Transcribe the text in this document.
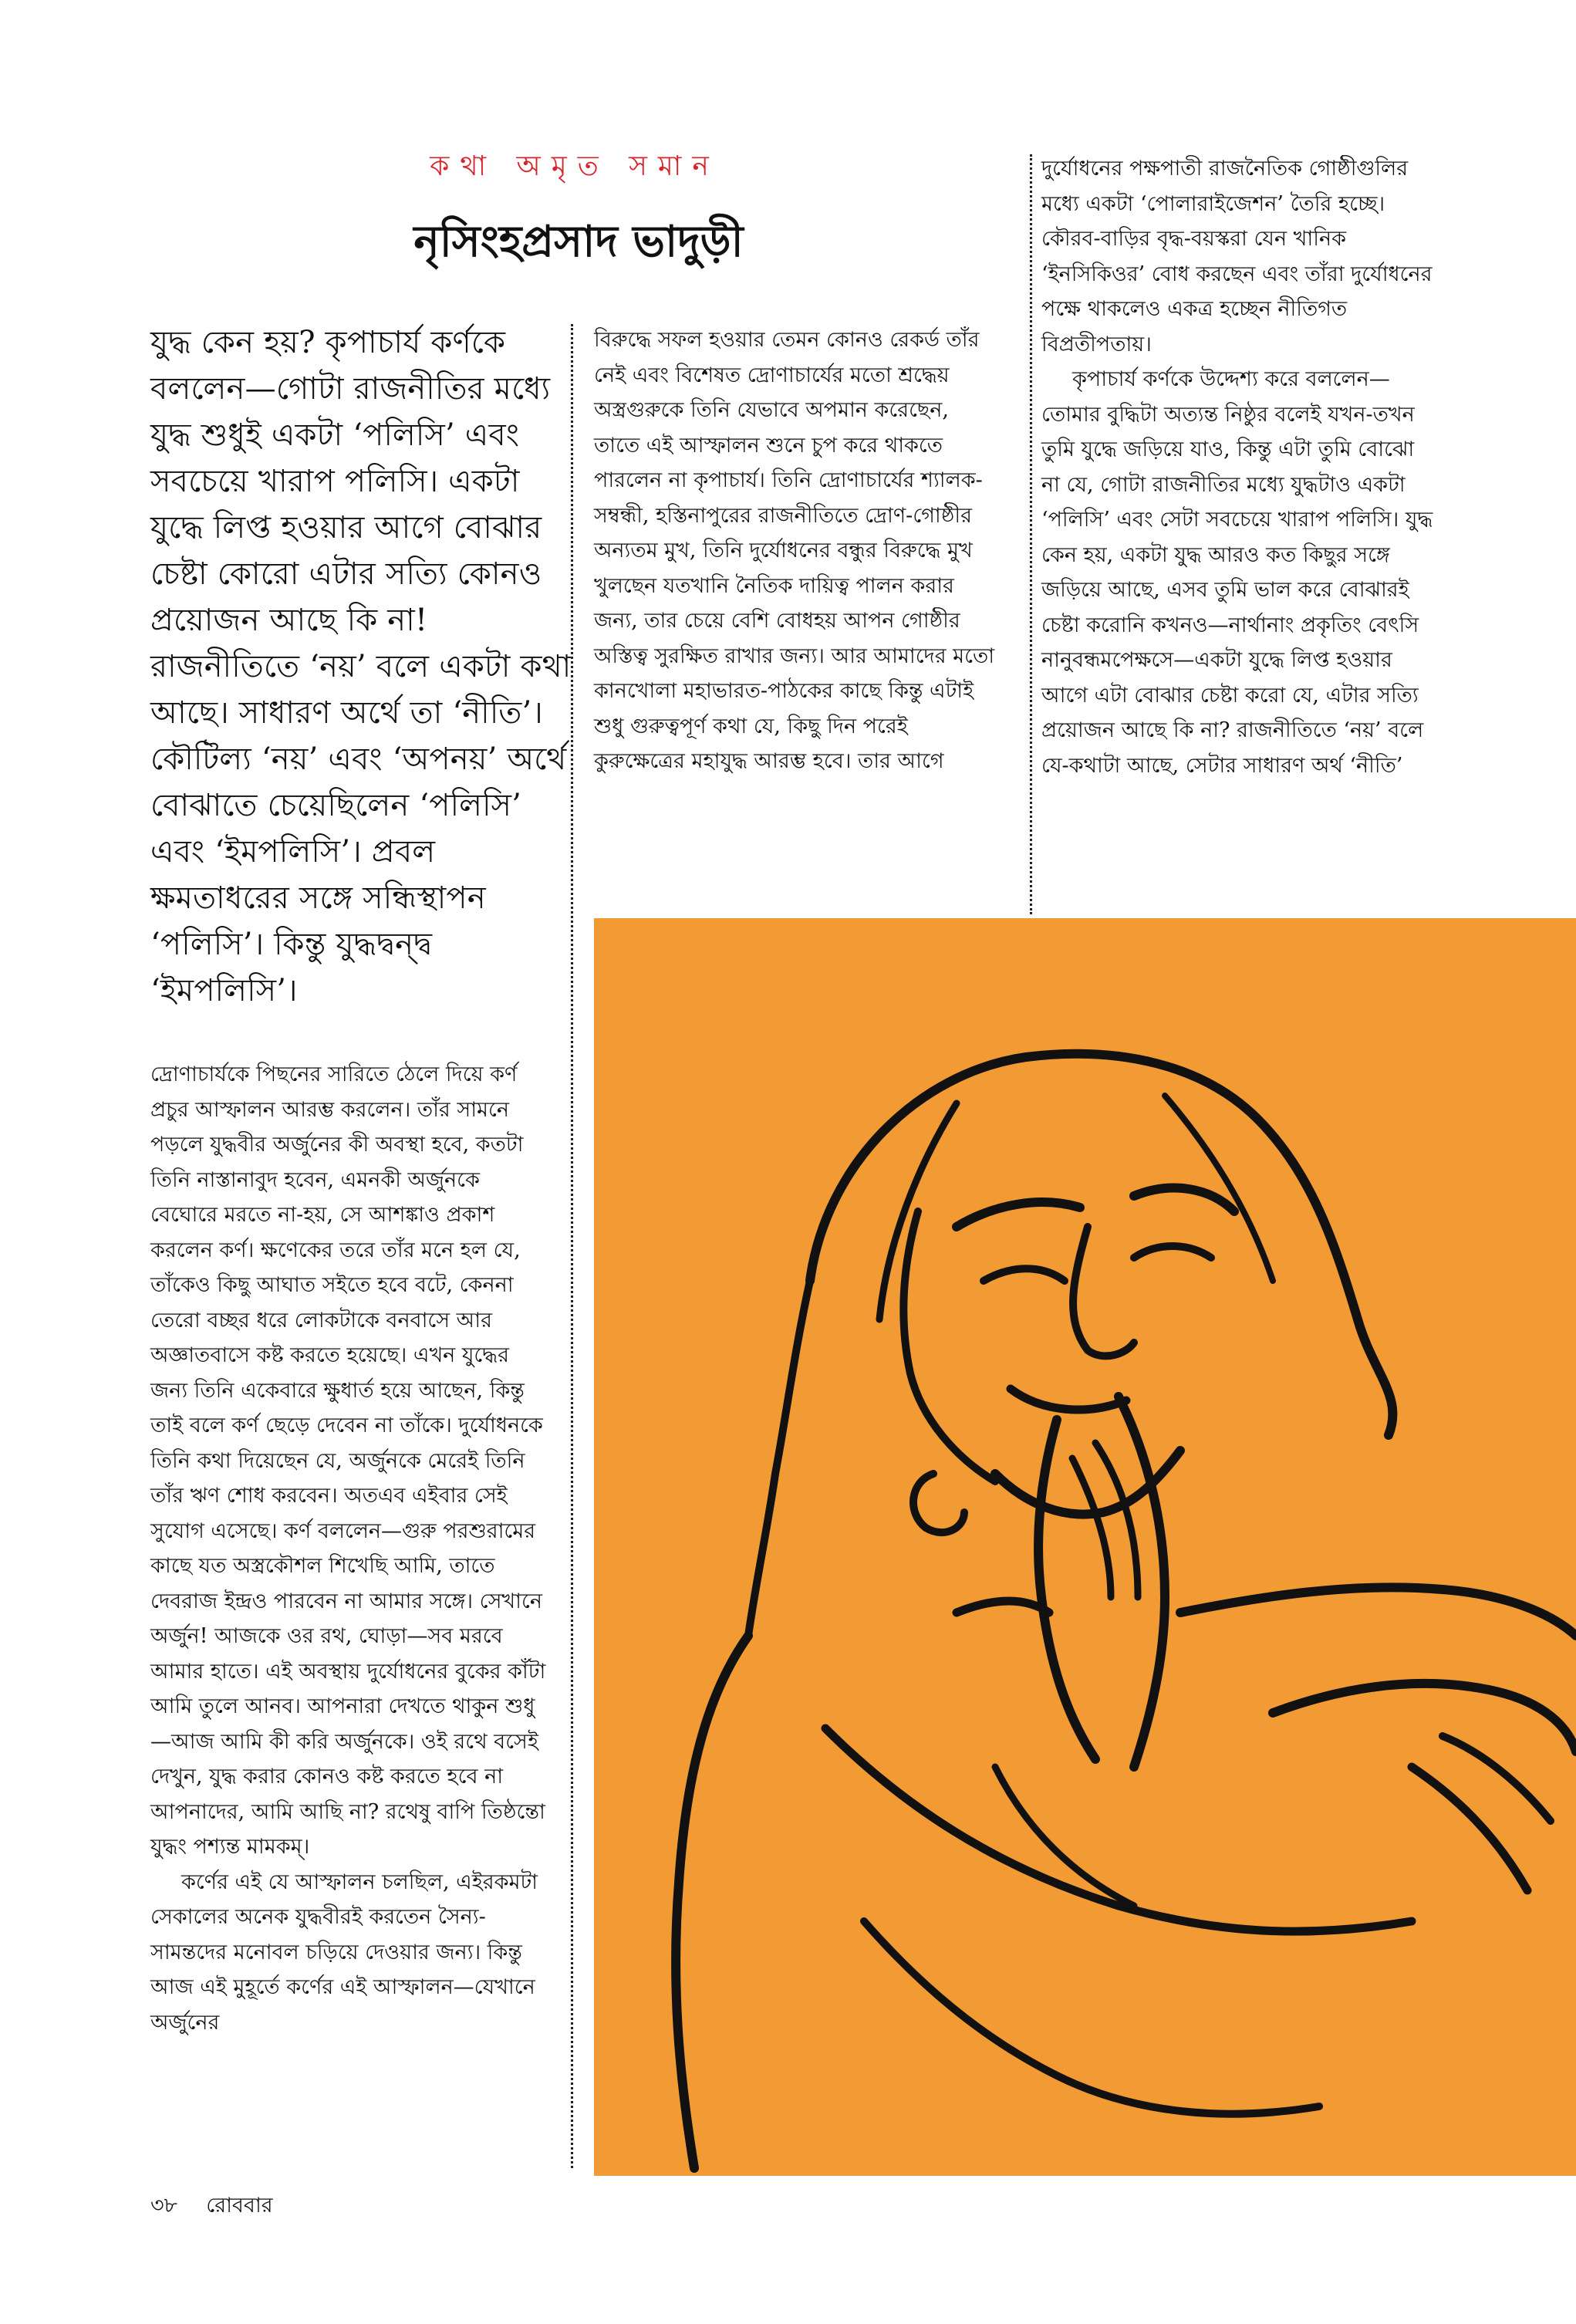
কথা অমৃত সমান
নৃসিংহপ্রসাদ ভাদুড়ী

যুদ্ধ কেন হয়? কৃপাচার্য কর্ণকে বললেন—গোটা রাজনীতির মধ্যে যুদ্ধ শুধুই একটা ‘পলিসি’ এবং সবচেয়ে খারাপ পলিসি। একটা যুদ্ধে লিপ্ত হওয়ার আগে বোঝার চেষ্টা কোরো এটার সত্যি কোনও প্রয়োজন আছে কি না! রাজনীতিতে ‘নয়’ বলে একটা কথা আছে। সাধারণ অর্থে তা ‘নীতি’। কৌটিল্য ‘নয়’ এবং ‘অপনয়’ অর্থে বোঝাতে চেয়েছিলেন ‘পলিসি’ এবং ‘ইমপলিসি’। প্রবল ক্ষমতাধরের সঙ্গে সন্ধিস্থাপন ‘পলিসি’। কিন্তু যুদ্ধদ্বন্দ্ব ‘ইমপলিসি’।

দ্রোণাচার্যকে পিছনের সারিতে ঠেলে দিয়ে কর্ণ প্রচুর আস্ফালন আরম্ভ করলেন। তাঁর সামনে পড়লে যুদ্ধবীর অর্জুনের কী অবস্থা হবে, কতটা তিনি নাস্তানাবুদ হবেন, এমনকী অর্জুনকে বেঘোরে মরতে না-হয়, সে আশঙ্কাও প্রকাশ করলেন কর্ণ। ক্ষণেকের তরে তাঁর মনে হল যে, তাঁকেও কিছু আঘাত সইতে হবে বটে, কেননা তেরো বচ্ছর ধরে লোকটাকে বনবাসে আর অজ্ঞাতবাসে কষ্ট করতে হয়েছে। এখন যুদ্ধের জন্য তিনি একেবারে ক্ষুধার্ত হয়ে আছেন, কিন্তু তাই বলে কর্ণ ছেড়ে দেবেন না তাঁকে। দুর্যোধনকে তিনি কথা দিয়েছেন যে, অর্জুনকে মেরেই তিনি তাঁর ঋণ শোধ করবেন। অতএব এইবার সেই সুযোগ এসেছে। কর্ণ বললেন—গুরু পরশুরামের কাছে যত অস্ত্রকৌশল শিখেছি আমি, তাতে দেবরাজ ইন্দ্রও পারবেন না আমার সঙ্গে। সেখানে অর্জুন! আজকে ওর রথ, ঘোড়া—সব মরবে আমার হাতে। এই অবস্থায় দুর্যোধনের বুকের কাঁটা আমি তুলে আনব। আপনারা দেখতে থাকুন শুধু—আজ আমি কী করি অর্জুনকে। ওই রথে বসেই দেখুন, যুদ্ধ করার কোনও কষ্ট করতে হবে না আপনাদের, আমি আছি না? রথেষু বাপি তিষ্ঠন্তো যুদ্ধং পশ্যন্ত মামকম্।

কর্ণের এই যে আস্ফালন চলছিল, এইরকমটা সেকালের অনেক যুদ্ধবীরই করতেন সৈন্য-সামন্তদের মনোবল চড়িয়ে দেওয়ার জন্য। কিন্তু আজ এই মুহূর্তে কর্ণের এই আস্ফালন—যেখানে অর্জুনের

বিরুদ্ধে সফল হওয়ার তেমন কোনও রেকর্ড তাঁর নেই এবং বিশেষত দ্রোণাচার্যের মতো শ্রদ্ধেয় অস্ত্রগুরুকে তিনি যেভাবে অপমান করেছেন, তাতে এই আস্ফালন শুনে চুপ করে থাকতে পারলেন না কৃপাচার্য। তিনি দ্রোণাচার্যের শ্যালক-সম্বন্ধী, হস্তিনাপুরের রাজনীতিতে দ্রোণ-গোষ্ঠীর অন্যতম মুখ, তিনি দুর্যোধনের বন্ধুর বিরুদ্ধে মুখ খুলছেন যতখানি নৈতিক দায়িত্ব পালন করার জন্য, তার চেয়ে বেশি বোধহয় আপন গোষ্ঠীর অস্তিত্ব সুরক্ষিত রাখার জন্য। আর আমাদের মতো কানখোলা মহাভারত-পাঠকের কাছে কিন্তু এটাই শুধু গুরুত্বপূর্ণ কথা যে, কিছু দিন পরেই কুরুক্ষেত্রের মহাযুদ্ধ আরম্ভ হবে। তার আগে

দুর্যোধনের পক্ষপাতী রাজনৈতিক গোষ্ঠীগুলির মধ্যে একটা ‘পোলারাইজেশন’ তৈরি হচ্ছে। কৌরব-বাড়ির বৃদ্ধ-বয়স্করা যেন খানিক ‘ইনসিকিওর’ বোধ করছেন এবং তাঁরা দুর্যোধনের পক্ষে থাকলেও একত্র হচ্ছেন নীতিগত বিপ্রতীপতায়।

কৃপাচার্য কর্ণকে উদ্দেশ্য করে বললেন—তোমার বুদ্ধিটা অত্যন্ত নিষ্ঠুর বলেই যখন-তখন তুমি যুদ্ধে জড়িয়ে যাও, কিন্তু এটা তুমি বোঝো না যে, গোটা রাজনীতির মধ্যে যুদ্ধটাও একটা ‘পলিসি’ এবং সেটা সবচেয়ে খারাপ পলিসি। যুদ্ধ কেন হয়, একটা যুদ্ধ আরও কত কিছুর সঙ্গে জড়িয়ে আছে, এসব তুমি ভাল করে বোঝারই চেষ্টা করোনি কখনও—নার্থানাং প্রকৃতিং বেৎসি নানুবন্ধমপেক্ষসে—একটা যুদ্ধে লিপ্ত হওয়ার আগে এটা বোঝার চেষ্টা করো যে, এটার সত্যি প্রয়োজন আছে কি না? রাজনীতিতে ‘নয়’ বলে যে-কথাটা আছে, সেটার সাধারণ অর্থ ‘নীতি’

৩৮ রোববার
